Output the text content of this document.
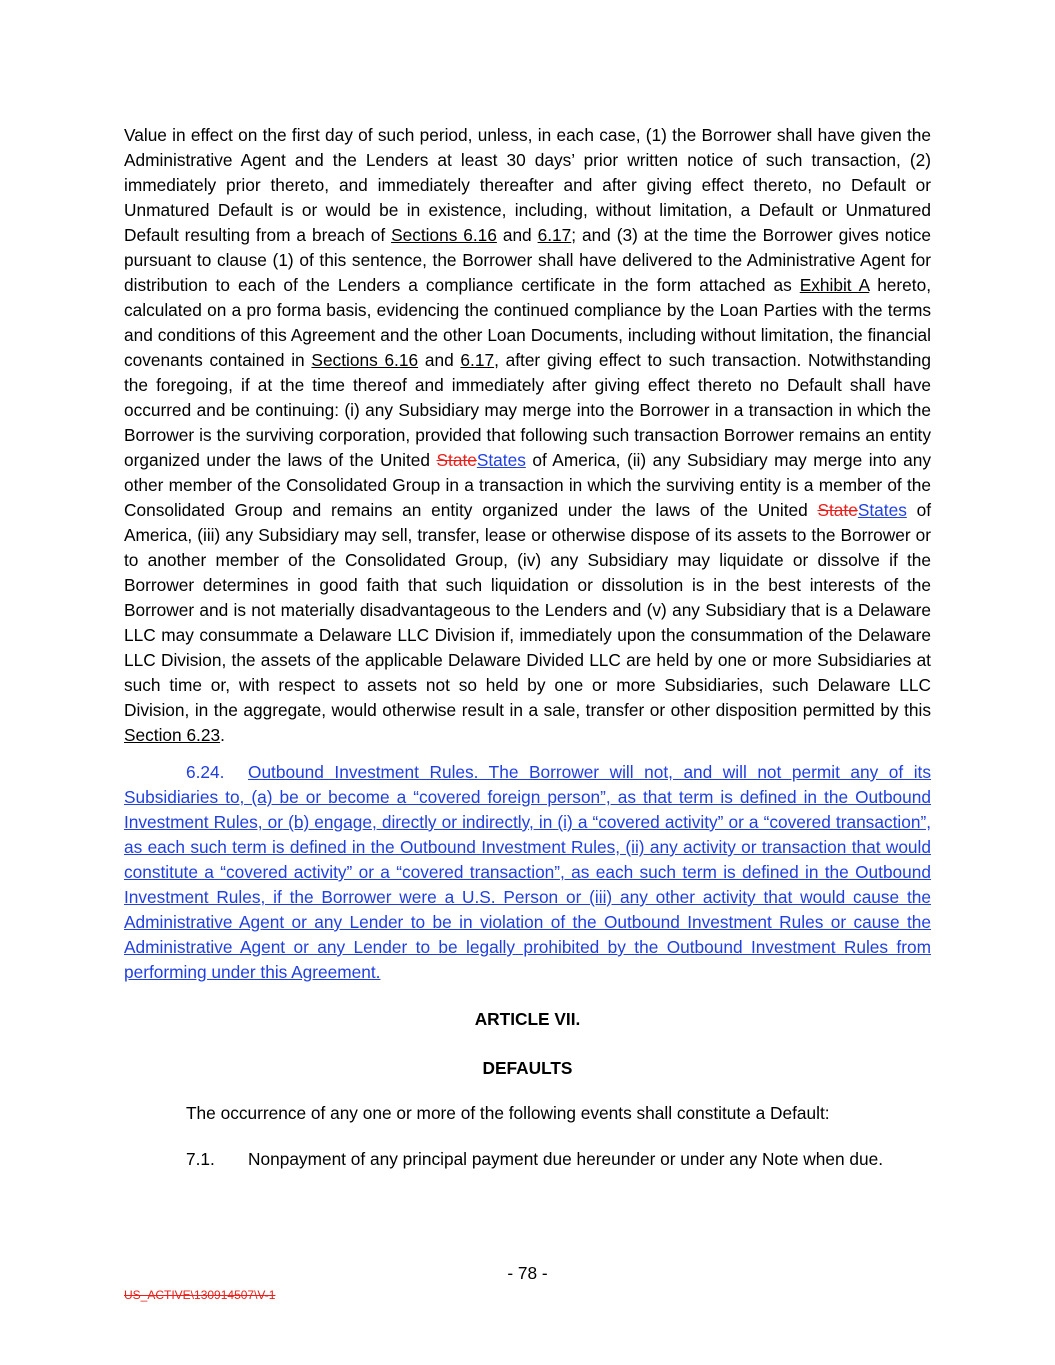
Value in effect on the first day of such period, unless, in each case, (1) the Borrower shall have given the Administrative Agent and the Lenders at least 30 days’ prior written notice of such transaction, (2) immediately prior thereto, and immediately thereafter and after giving effect thereto, no Default or Unmatured Default is or would be in existence, including, without limitation, a Default or Unmatured Default resulting from a breach of Sections 6.16 and 6.17; and (3) at the time the Borrower gives notice pursuant to clause (1) of this sentence, the Borrower shall have delivered to the Administrative Agent for distribution to each of the Lenders a compliance certificate in the form attached as Exhibit A hereto, calculated on a pro forma basis, evidencing the continued compliance by the Loan Parties with the terms and conditions of this Agreement and the other Loan Documents, including without limitation, the financial covenants contained in Sections 6.16 and 6.17, after giving effect to such transaction. Notwithstanding the foregoing, if at the time thereof and immediately after giving effect thereto no Default shall have occurred and be continuing: (i) any Subsidiary may merge into the Borrower in a transaction in which the Borrower is the surviving corporation, provided that following such transaction Borrower remains an entity organized under the laws of the United StateStates of America, (ii) any Subsidiary may merge into any other member of the Consolidated Group in a transaction in which the surviving entity is a member of the Consolidated Group and remains an entity organized under the laws of the United StateStates of America, (iii) any Subsidiary may sell, transfer, lease or otherwise dispose of its assets to the Borrower or to another member of the Consolidated Group, (iv) any Subsidiary may liquidate or dissolve if the Borrower determines in good faith that such liquidation or dissolution is in the best interests of the Borrower and is not materially disadvantageous to the Lenders and (v) any Subsidiary that is a Delaware LLC may consummate a Delaware LLC Division if, immediately upon the consummation of the Delaware LLC Division, the assets of the applicable Delaware Divided LLC are held by one or more Subsidiaries at such time or, with respect to assets not so held by one or more Subsidiaries, such Delaware LLC Division, in the aggregate, would otherwise result in a sale, transfer or other disposition permitted by this Section 6.23.

6.24. Outbound Investment Rules. The Borrower will not, and will not permit any of its Subsidiaries to, (a) be or become a “covered foreign person”, as that term is defined in the Outbound Investment Rules, or (b) engage, directly or indirectly, in (i) a “covered activity” or a “covered transaction”, as each such term is defined in the Outbound Investment Rules, (ii) any activity or transaction that would constitute a “covered activity” or a “covered transaction”, as each such term is defined in the Outbound Investment Rules, if the Borrower were a U.S. Person or (iii) any other activity that would cause the Administrative Agent or any Lender to be in violation of the Outbound Investment Rules or cause the Administrative Agent or any Lender to be legally prohibited by the Outbound Investment Rules from performing under this Agreement.

ARTICLE VII.

DEFAULTS

The occurrence of any one or more of the following events shall constitute a Default:

7.1. Nonpayment of any principal payment due hereunder or under any Note when due.

- 78 -
US_ACTIVE\130914507\V-1
